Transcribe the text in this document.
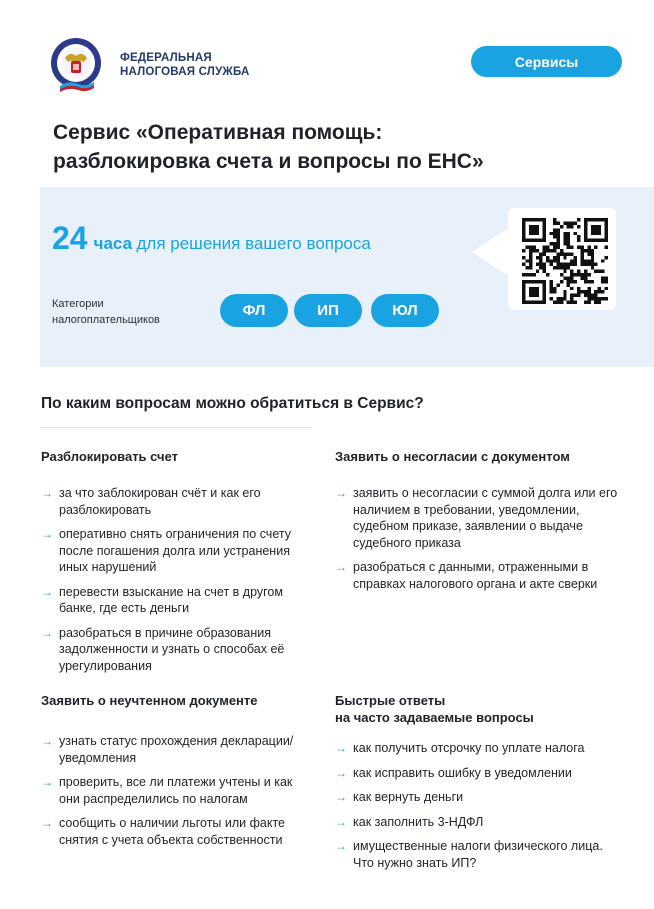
ФЕДЕРАЛЬНАЯ
НАЛОГОВАЯ СЛУЖБА
Сервисы
Сервис «Оперативная помощь:
разблокировка счета и вопросы по ЕНС»
24 часа для решения вашего вопроса
Категории
налогоплательщиков
ФЛ	ИП	ЮЛ
По каким вопросам можно обратиться в Сервис?
Разблокировать счет
→ за что заблокирован счёт и как его разблокировать
→ оперативно снять ограничения по счету после погашения долга или устранения иных нарушений
→ перевести взыскание на счет в другом банке, где есть деньги
→ разобраться в причине образования задолженности и узнать о способах её урегулирования
Заявить о несогласии с документом
→ заявить о несогласии с суммой долга или его наличием в требовании, уведомлении, судебном приказе, заявлении о выдаче судебного приказа
→ разобраться с данными, отраженными в справках налогового органа и акте сверки
Заявить о неучтенном документе
→ узнать статус прохождения декларации/уведомления
→ проверить, все ли платежи учтены и как они распределились по налогам
→ сообщить о наличии льготы или факте снятия с учета объекта собственности
Быстрые ответы
на часто задаваемые вопросы
→ как получить отсрочку по уплате налога
→ как исправить ошибку в уведомлении
→ как вернуть деньги
→ как заполнить 3-НДФЛ
→ имущественные налоги физического лица. Что нужно знать ИП?
